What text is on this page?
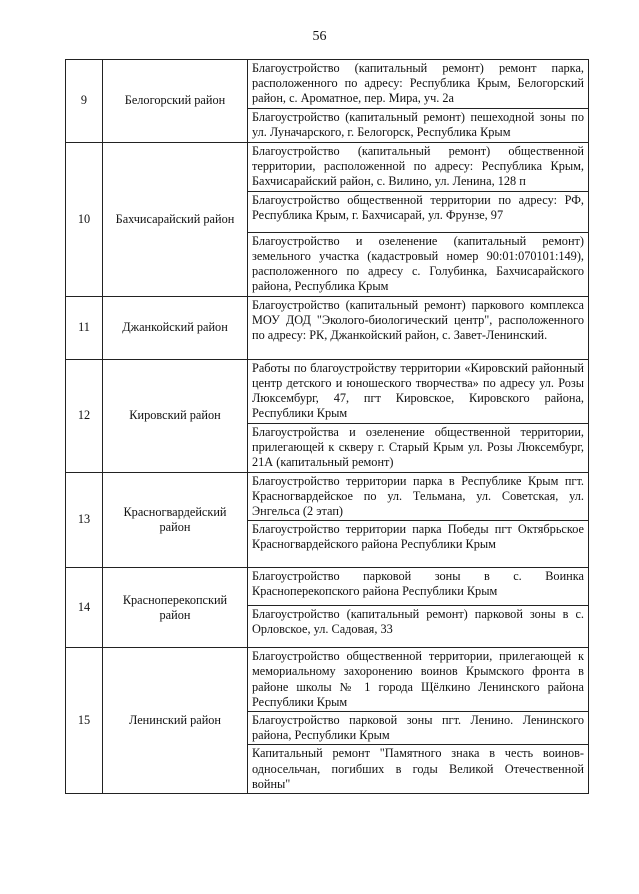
56
9	Белогорский район	Благоустройство (капитальный ремонт) ремонт парка, расположенного по адресу: Республика Крым, Белогорский район, с. Ароматное, пер. Мира, уч. 2а

		Благоустройство (капитальный ремонт) пешеходной зоны по ул. Луначарского, г. Белогорск, Республика Крым

10	Бахчисарайский район	Благоустройство (капитальный ремонт) общественной территории, расположенной по адресу: Республика Крым, Бахчисарайский район, с. Вилино, ул. Ленина, 128 п

		Благоустройство общественной территории по адресу: РФ, Республика Крым, г. Бахчисарай, ул. Фрунзе, 97

		Благоустройство и озеленение (капитальный ремонт) земельного участка (кадастровый номер 90:01:070101:149), расположенного по адресу с. Голубинка, Бахчисарайского района, Республика Крым

11	Джанкойский район	Благоустройство (капитальный ремонт) паркового комплекса МОУ ДОД "Эколого-биологический центр", расположенного по адресу: РК, Джанкойский район, с. Завет-Ленинский.

12	Кировский район	Работы по благоустройству территории «Кировский районный центр детского и юношеского творчества» по адресу ул. Розы Люксембург, 47, пгт Кировское, Кировского района, Республики Крым

		Благоустройства и озеленение общественной территории, прилегающей к скверу г. Старый Крым ул. Розы Люксембург, 21А (капитальный ремонт)

13	Красногвардейский район	Благоустройство территории парка в Республике Крым пгт. Красногвардейское по ул. Тельмана, ул. Советская, ул. Энгельса (2 этап)

		Благоустройство территории парка Победы пгт Октябрьское Красногвардейского района Республики Крым

14	Красноперекопский район	Благоустройство парковой зоны в с. Воинка Красноперекопского района Республики Крым

		Благоустройство (капитальный ремонт) парковой зоны в с. Орловское, ул. Садовая, 33

15	Ленинский район	Благоустройство общественной территории, прилегающей к мемориальному захоронению воинов Крымского фронта в районе школы № 1 города Щёлкино Ленинского района Республики Крым

		Благоустройство парковой зоны пгт. Ленино. Ленинского района, Республики Крым

		Капитальный ремонт "Памятного знака в честь воинов-односельчан, погибших в годы Великой Отечественной войны"
